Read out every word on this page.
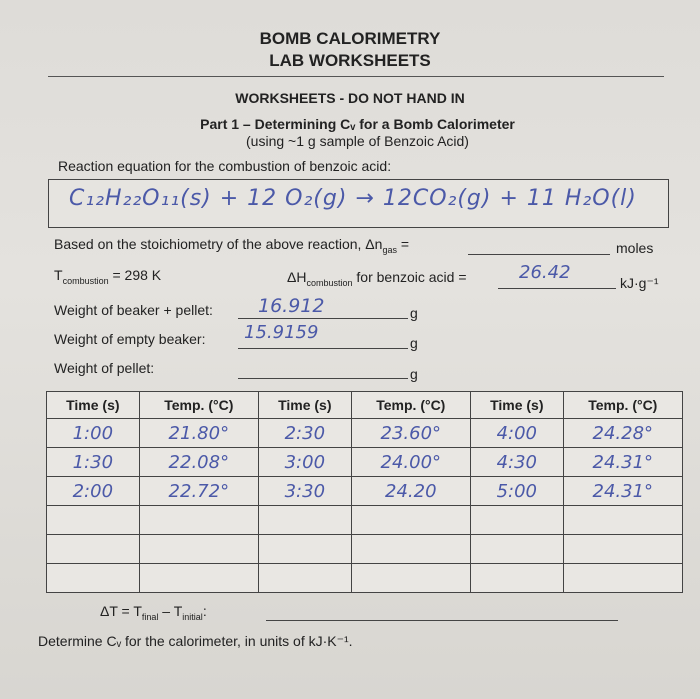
BOMB CALORIMETRY
LAB WORKSHEETS
WORKSHEETS - DO NOT HAND IN
Part 1 – Determining Cᵥ for a Bomb Calorimeter
(using ~1 g sample of Benzoic Acid)
Reaction equation for the combustion of benzoic acid:
C₁₂H₂₂O₁₁(s) + 12 O₂(g) → 12CO₂(g) + 11 H₂O(l)
Based on the stoichiometry of the above reaction, $\Delta n_{gas}$ =	moles
$T_{combustion} = 298$ K	$\Delta H_{combustion}$ for benzoic acid =	26.42	kJ·g⁻¹
Weight of beaker + pellet: 16.912	g
Weight of empty beaker: 15.9159	g
Weight of pellet:	g
Time (s)	Temp. (°C)	Time (s)	Temp. (°C)	Time (s)	Temp. (°C)
1:00	21.80°	2:30	23.60°	4:00	24.28°
1:30	22.08°	3:00	24.00°	4:30	24.31°
2:00	22.72°	3:30	24.20	5:00	24.31°

$\Delta T = T_{final} - T_{initial}$:
Determine Cᵥ for the calorimeter, in units of kJ·K⁻¹.
